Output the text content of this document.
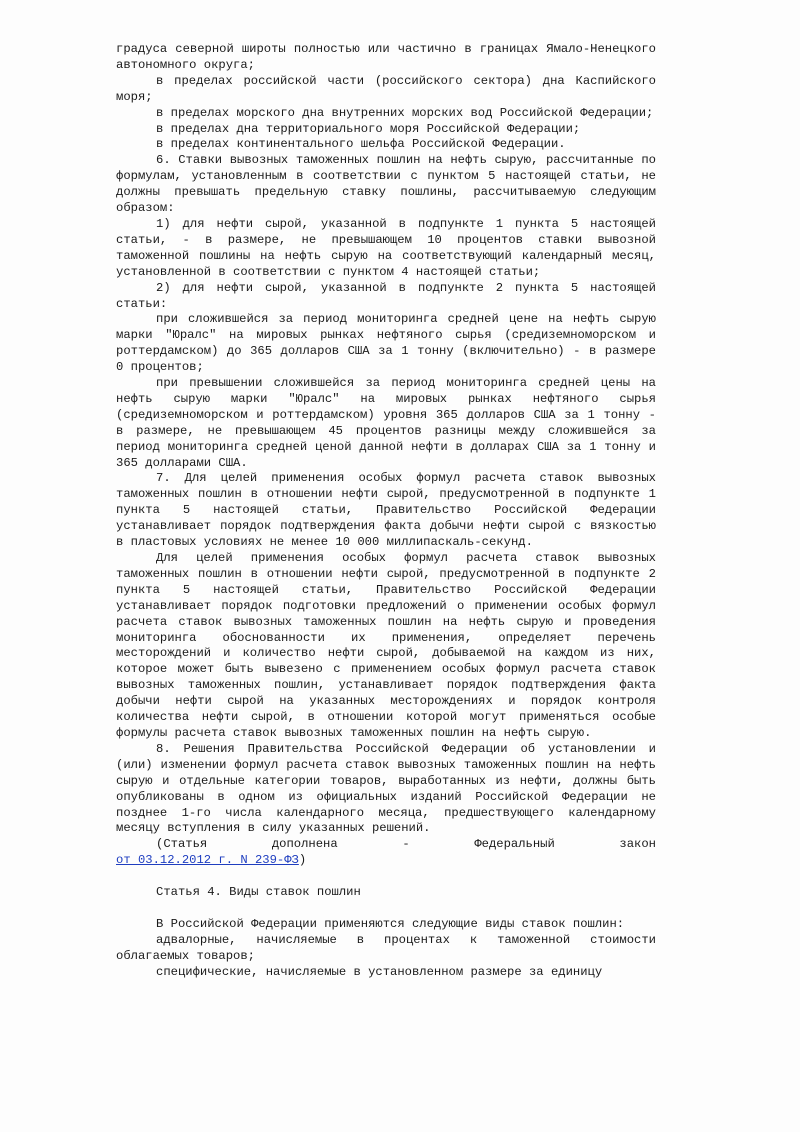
градуса северной широты полностью или частично в границах Ямало-Ненецкого автономного округа;

в пределах российской части (российского сектора) дна Каспийского моря;

в пределах морского дна внутренних морских вод Российской Федерации;

в пределах дна территориального моря Российской Федерации;

в пределах континентального шельфа Российской Федерации.

6. Ставки вывозных таможенных пошлин на нефть сырую, рассчитанные по формулам, установленным в соответствии с пунктом 5 настоящей статьи, не должны превышать предельную ставку пошлины, рассчитываемую следующим образом:

1) для нефти сырой, указанной в подпункте 1 пункта 5 настоящей статьи, - в размере, не превышающем 10 процентов ставки вывозной таможенной пошлины на нефть сырую на соответствующий календарный месяц, установленной в соответствии с пунктом 4 настоящей статьи;

2) для нефти сырой, указанной в подпункте 2 пункта 5 настоящей статьи:

при сложившейся за период мониторинга средней цене на нефть сырую марки "Юралс" на мировых рынках нефтяного сырья (средиземноморском и роттердамском) до 365 долларов США за 1 тонну (включительно) - в размере 0 процентов;

при превышении сложившейся за период мониторинга средней цены на нефть сырую марки "Юралс" на мировых рынках нефтяного сырья (средиземноморском и роттердамском) уровня 365 долларов США за 1 тонну - в размере, не превышающем 45 процентов разницы между сложившейся за период мониторинга средней ценой данной нефти в долларах США за 1 тонну и 365 долларами США.

7. Для целей применения особых формул расчета ставок вывозных таможенных пошлин в отношении нефти сырой, предусмотренной в подпункте 1 пункта 5 настоящей статьи, Правительство Российской Федерации устанавливает порядок подтверждения факта добычи нефти сырой с вязкостью в пластовых условиях не менее 10 000 миллипаскаль-секунд.

Для целей применения особых формул расчета ставок вывозных таможенных пошлин в отношении нефти сырой, предусмотренной в подпункте 2 пункта 5 настоящей статьи, Правительство Российской Федерации устанавливает порядок подготовки предложений о применении особых формул расчета ставок вывозных таможенных пошлин на нефть сырую и проведения мониторинга обоснованности их применения, определяет перечень месторождений и количество нефти сырой, добываемой на каждом из них, которое может быть вывезено с применением особых формул расчета ставок вывозных таможенных пошлин, устанавливает порядок подтверждения факта добычи нефти сырой на указанных месторождениях и порядок контроля количества нефти сырой, в отношении которой могут применяться особые формулы расчета ставок вывозных таможенных пошлин на нефть сырую.

8. Решения Правительства Российской Федерации об установлении и (или) изменении формул расчета ставок вывозных таможенных пошлин на нефть сырую и отдельные категории товаров, выработанных из нефти, должны быть опубликованы в одном из официальных изданий Российской Федерации не позднее 1-го числа календарного месяца, предшествующего календарному месяцу вступления в силу указанных решений.

(Статья дополнена - Федеральный закон

от 03.12.2012 г. N 239-ФЗ)

Статья 4. Виды ставок пошлин

В Российской Федерации применяются следующие виды ставок пошлин:

адвалорные, начисляемые в процентах к таможенной стоимости облагаемых товаров;

специфические, начисляемые в установленном размере за единицу
